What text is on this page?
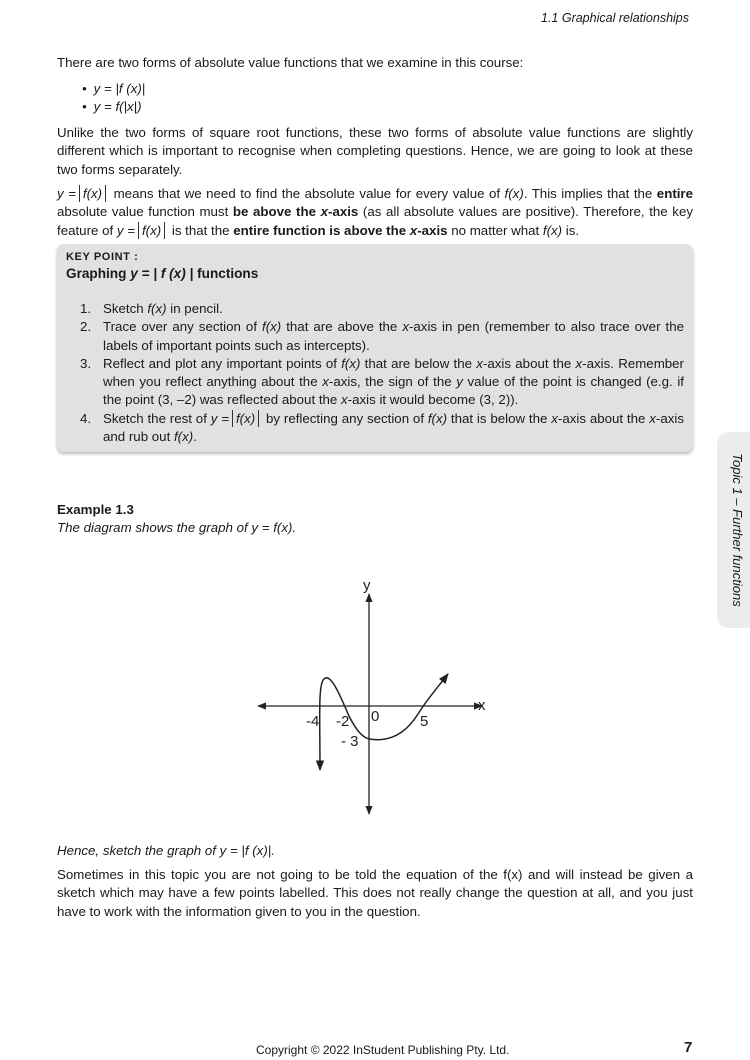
1.1 Graphical relationships

There are two forms of absolute value functions that we examine in this course:

• y = |f (x)|
• y = f(|x|)

Unlike the two forms of square root functions, these two forms of absolute value functions are slightly different which is important to recognise when completing questions. Hence, we are going to look at these two forms separately.

y = f(x) means that we need to find the absolute value for every value of f(x). This implies that the entire absolute value function must be above the x-axis (as all absolute values are positive). Therefore, the key feature of y = f(x) is that the entire function is above the x-axis no matter what f(x) is.

KEY POINT :
Graphing y = | f (x) | functions
1. Sketch f(x) in pencil.
2. Trace over any section of f(x) that are above the x-axis in pen (remember to also trace over the labels of important points such as intercepts).
3. Reflect and plot any important points of f(x) that are below the x-axis about the x-axis. Remember when you reflect anything about the x-axis, the sign of the y value of the point is changed (e.g. if the point (3, –2) was reflected about the x-axis it would become (3, 2)).
4. Sketch the rest of y = f(x) by reflecting any section of f(x) that is below the x-axis about the x-axis and rub out f(x).
Topic 1 – Further functions
Example 1.3
The diagram shows the graph of y = f(x).
y
x
0
-4 -2	5
- 3
Hence, sketch the graph of y = |f (x)|.

Sometimes in this topic you are not going to be told the equation of the f(x) and will instead be given a sketch which may have a few points labelled. This does not really change the question at all, and you just have to work with the information given to you in the question.

Copyright © 2022 InStudent Publishing Pty. Ltd.	7
